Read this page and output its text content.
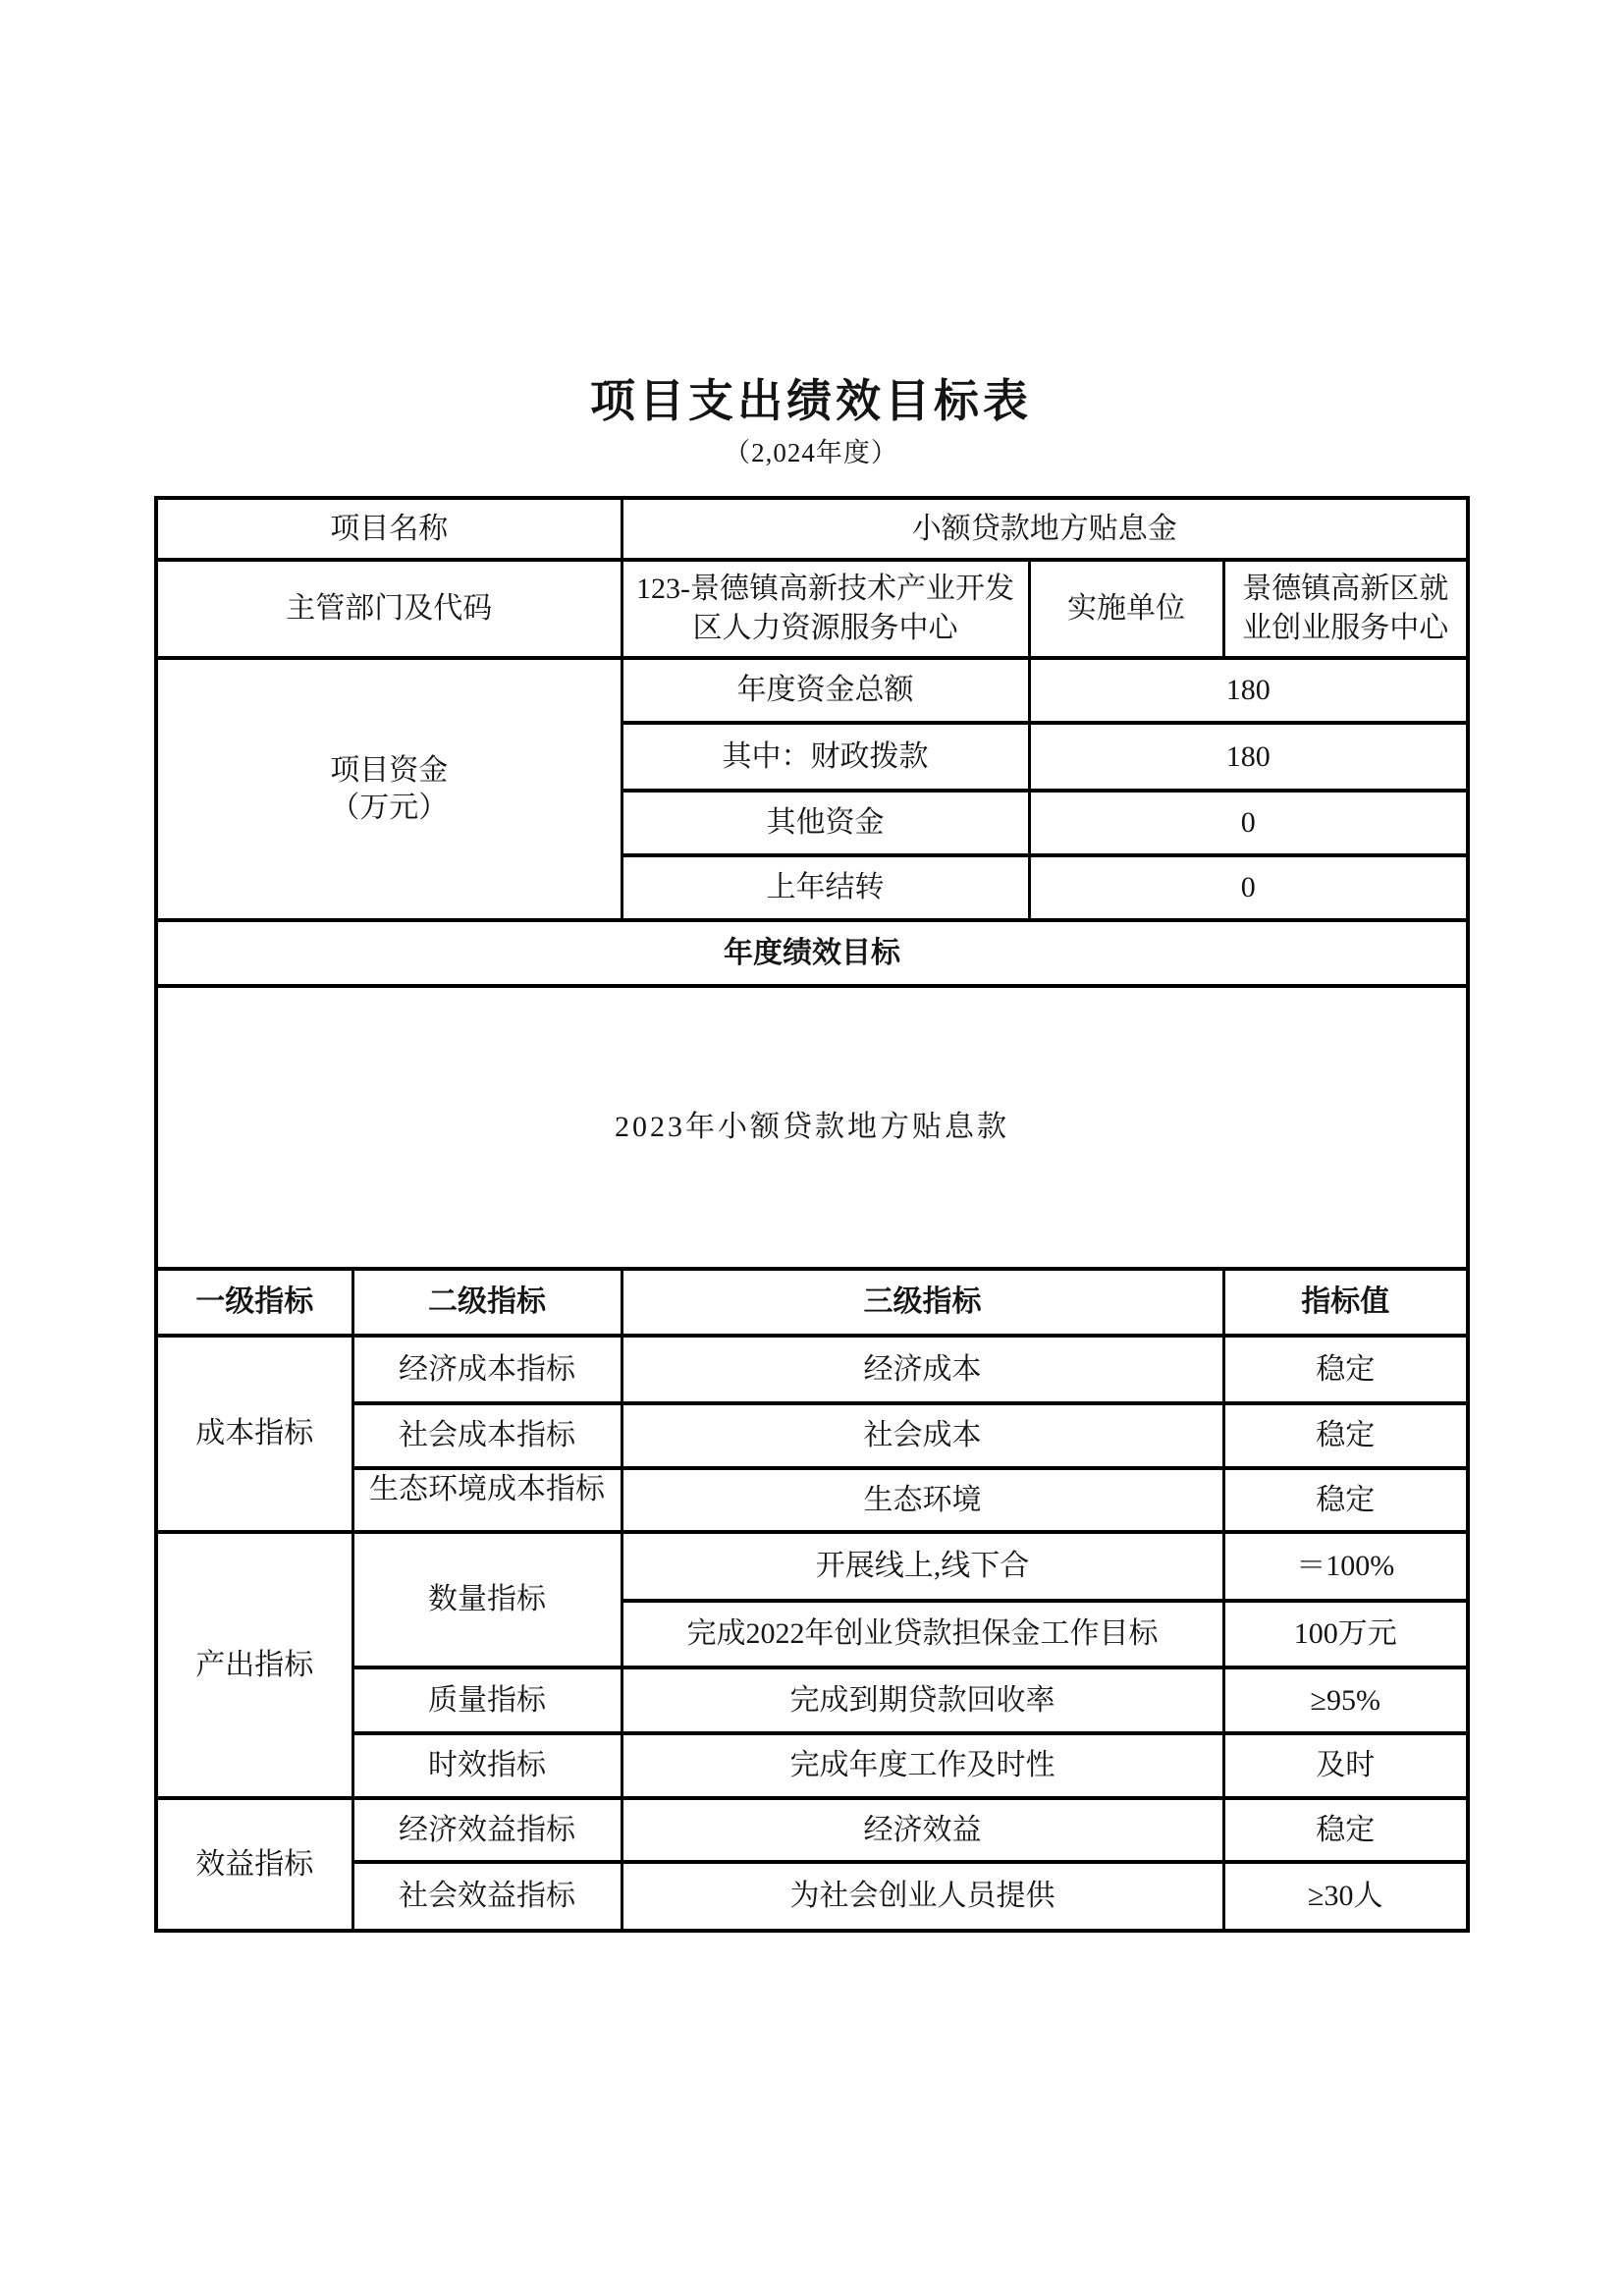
项目支出绩效目标表
（2,024年度）
项目名称		小额贷款地方贴息金		
主管部门及代码		123-景德镇高新技术产业开发区人力资源服务中心	实施单位	景德镇高新区就业创业服务中心

项目资金
（万元）		年度资金总额	180	
		其中：财政拨款	180	
		其他资金	0	
		上年结转	0	
年度绩效目标				
2023年小额贷款地方贴息款				
一级指标	二级指标	三级指标		指标值
成本指标	经济成本指标	经济成本		稳定
	社会成本指标	社会成本		稳定

	生态环境成本指标	生态环境		稳定
产出指标	数量指标	开展线上,线下合		＝100%
		完成2022年创业贷款担保金工作目标		100万元
	质量指标	完成到期贷款回收率		≥95%
	时效指标	完成年度工作及时性		及时
效益指标	经济效益指标	经济效益		稳定
	社会效益指标	为社会创业人员提供		≥30人
